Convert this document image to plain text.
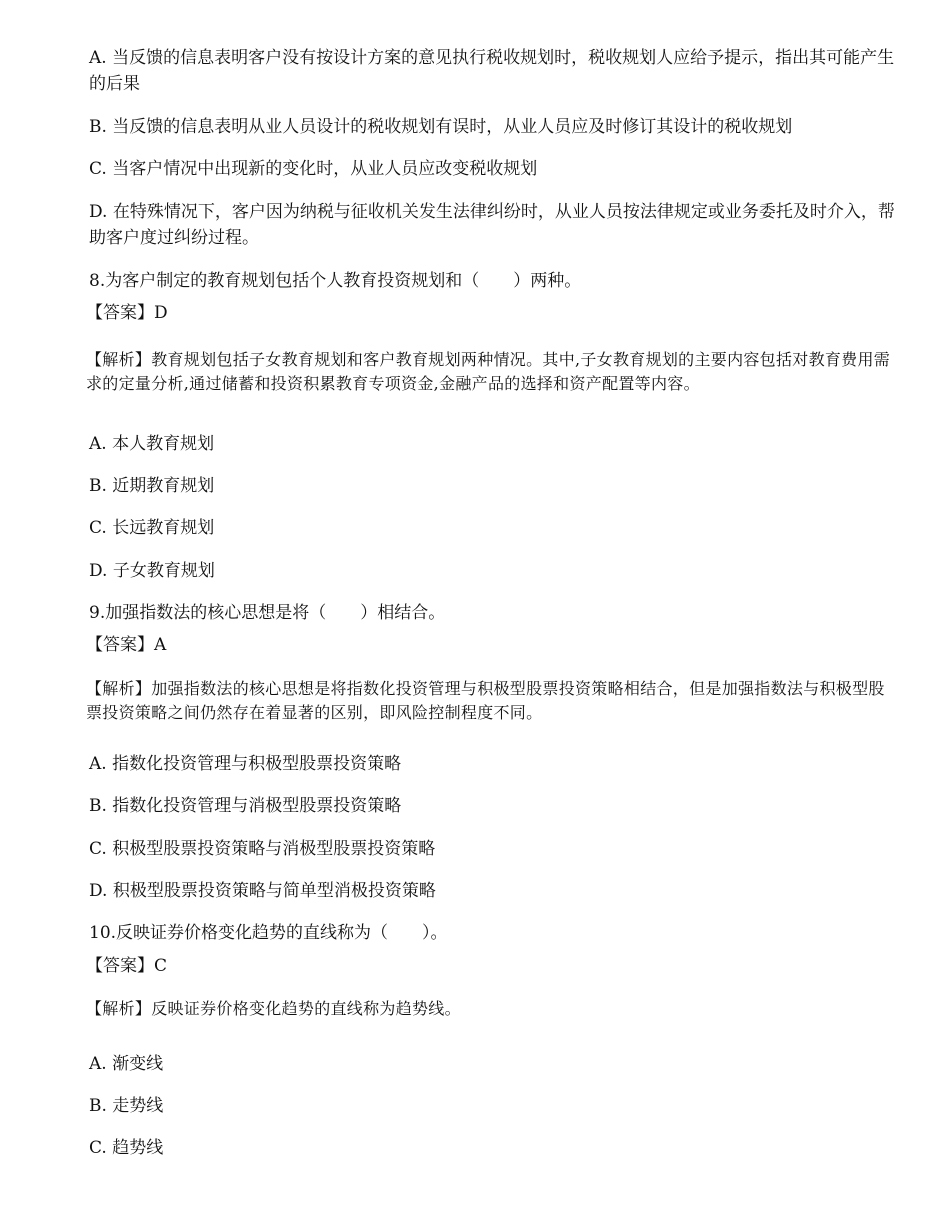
A. 当反馈的信息表明客户没有按设计方案的意见执行税收规划时，税收规划人应给予提示，指出其可能产生的后果
B. 当反馈的信息表明从业人员设计的税收规划有误时，从业人员应及时修订其设计的税收规划
C. 当客户情况中出现新的变化时，从业人员应改变税收规划
D. 在特殊情况下，客户因为纳税与征收机关发生法律纠纷时，从业人员按法律规定或业务委托及时介入，帮助客户度过纠纷过程。
8.为客户制定的教育规划包括个人教育投资规划和（　　）两种。
【答案】D
【解析】教育规划包括子女教育规划和客户教育规划两种情况。其中,子女教育规划的主要内容包括对教育费用需求的定量分析,通过储蓄和投资积累教育专项资金,金融产品的选择和资产配置等内容。
A. 本人教育规划
B. 近期教育规划
C. 长远教育规划
D. 子女教育规划
9.加强指数法的核心思想是将（　　）相结合。
【答案】A
【解析】加强指数法的核心思想是将指数化投资管理与积极型股票投资策略相结合，但是加强指数法与积极型股票投资策略之间仍然存在着显著的区别，即风险控制程度不同。
A. 指数化投资管理与积极型股票投资策略
B. 指数化投资管理与消极型股票投资策略
C. 积极型股票投资策略与消极型股票投资策略
D. 积极型股票投资策略与简单型消极投资策略
10.反映证券价格变化趋势的直线称为（　　）。
【答案】C
【解析】反映证券价格变化趋势的直线称为趋势线。
A. 渐变线
B. 走势线
C. 趋势线
